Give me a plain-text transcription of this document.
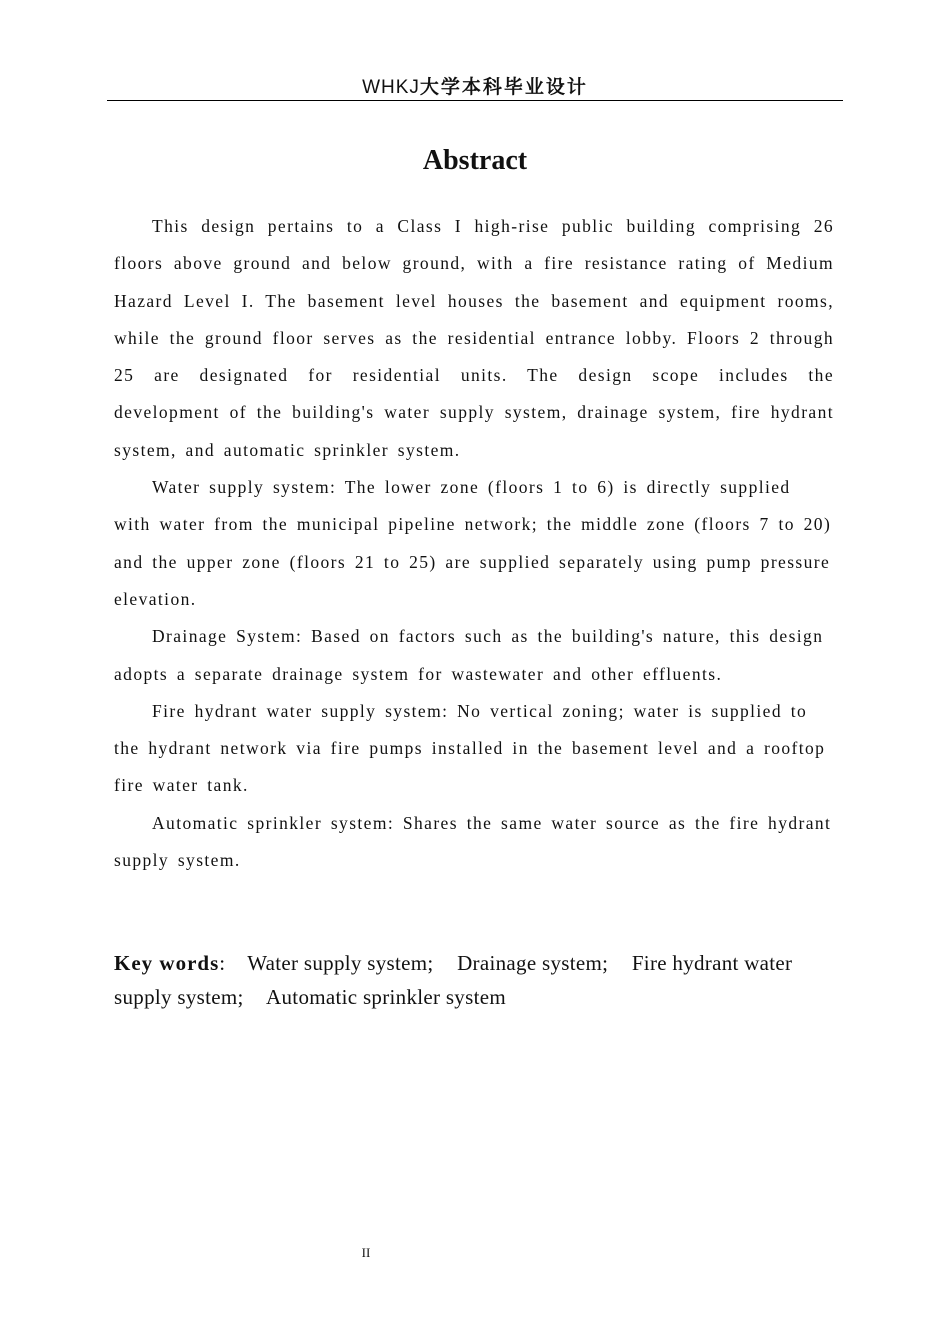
WHKJ大学本科毕业设计
Abstract

This design pertains to a Class I high-rise public building comprising 26 floors above ground and below ground, with a fire resistance rating of Medium Hazard Level I. The basement level houses the basement and equipment rooms, while the ground floor serves as the residential entrance lobby. Floors 2 through 25 are designated for residential units. The design scope includes the development of the building's water supply system, drainage system, fire hydrant system, and automatic sprinkler system.

Water supply system: The lower zone (floors 1 to 6) is directly supplied with water from the municipal pipeline network; the middle zone (floors 7 to 20) and the upper zone (floors 21 to 25) are supplied separately using pump pressure elevation.

Drainage System: Based on factors such as the building's nature, this design adopts a separate drainage system for wastewater and other effluents.

Fire hydrant water supply system: No vertical zoning; water is supplied to the hydrant network via fire pumps installed in the basement level and a rooftop fire water tank.

Automatic sprinkler system: Shares the same water source as the fire hydrant supply system.

Key words: Water supply system; Drainage system; Fire hydrant water supply system; Automatic sprinkler system
II
